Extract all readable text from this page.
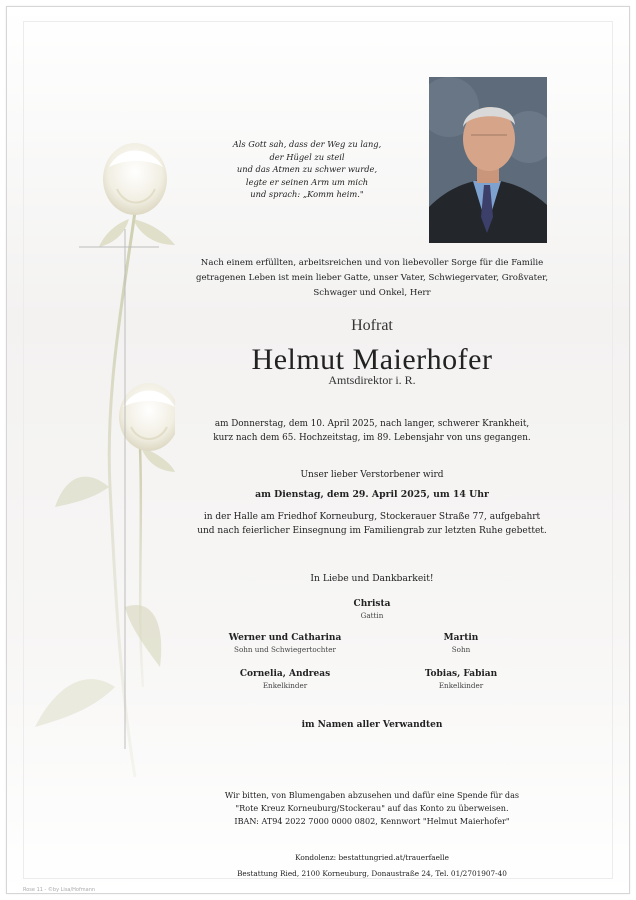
Als Gott sah, dass der Weg zu lang,
der Hügel zu steil
und das Atmen zu schwer wurde,
legte er seinen Arm um mich
und sprach: „Komm heim."
Nach einem erfüllten, arbeitsreichen und von liebevoller Sorge für die Familie
getragenen Leben ist mein lieber Gatte, unser Vater, Schwiegervater, Großvater,
Schwager und Onkel, Herr
Hofrat
Helmut Maierhofer
Amtsdirektor i. R.
am Donnerstag, dem 10. April 2025, nach langer, schwerer Krankheit,
kurz nach dem 65. Hochzeitstag, im 89. Lebensjahr von uns gegangen.
Unser lieber Verstorbener wird
am Dienstag, dem 29. April 2025, um 14 Uhr
in der Halle am Friedhof Korneuburg, Stockerauer Straße 77, aufgebahrt
und nach feierlicher Einsegnung im Familiengrab zur letzten Ruhe gebettet.
In Liebe und Dankbarkeit!
Christa
Gattin
Werner und Catharina
Sohn und Schwiegertochter
Martin
Sohn
Cornelia, Andreas
Enkelkinder
Tobias, Fabian
Enkelkinder
im Namen aller Verwandten
Wir bitten, von Blumengaben abzusehen und dafür eine Spende für das
"Rote Kreuz Korneuburg/Stockerau" auf das Konto zu überweisen.
IBAN: AT94 2022 7000 0000 0802, Kennwort "Helmut Maierhofer"
Kondolenz: bestattungried.at/trauerfaelle
Bestattung Ried, 2100 Korneuburg, Donaustraße 24, Tel. 01/2701907-40
Rose 11 - ©by Lisa/Hofmann
